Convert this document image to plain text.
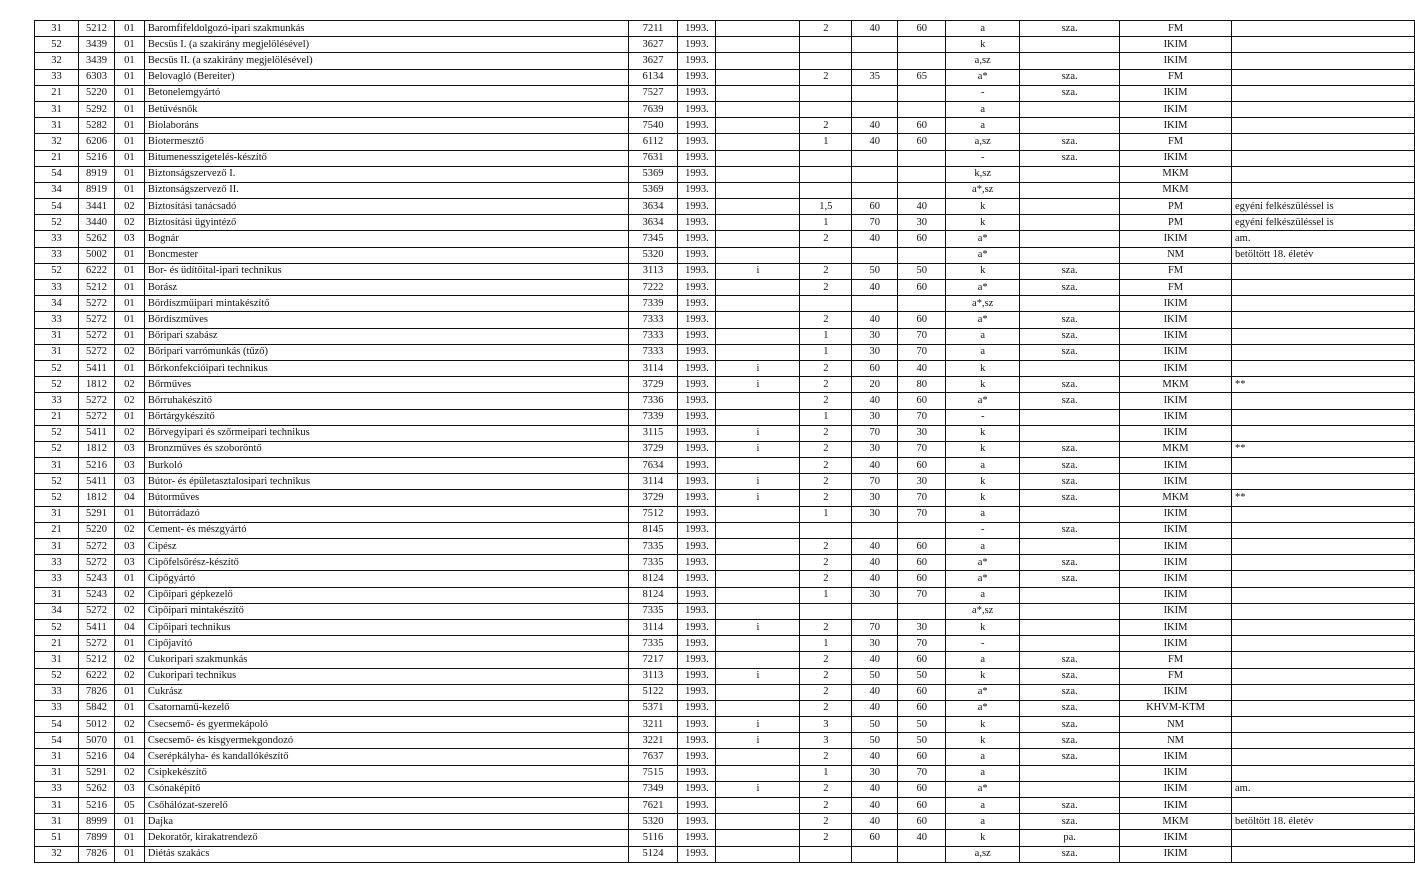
31	5212	01	Baromfifeldolgozó-ipari szakmunkás	7211	1993.		2	40	60	a	sza.	FM	
52	3439	01	Becsüs I. (a szakirány megjelölésével)	3627	1993.					k		IKIM	
32	3439	01	Becsüs II. (a szakirány megjelölésével)	3627	1993.					a,sz		IKIM	
33	6303	01	Belovagló (Bereiter)	6134	1993.		2	35	65	a*	sza.	FM	
21	5220	01	Betonelemgyártó	7527	1993.					-	sza.	IKIM	
31	5292	01	Betűvésnők	7639	1993.					a		IKIM	
31	5282	01	Biolaboráns	7540	1993.		2	40	60	a		IKIM	
32	6206	01	Biotermesztő	6112	1993.		1	40	60	a,sz	sza.	FM	
21	5216	01	Bitumenesszigetelés-készítő	7631	1993.					-	sza.	IKIM	
54	8919	01	Biztonságszervező I.	5369	1993.					k,sz		MKM	
34	8919	01	Biztonságszervező II.	5369	1993.					a*,sz		MKM	
54	3441	02	Biztosítási tanácsadó	3634	1993.		1,5	60	40	k		PM	egyéni felkészüléssel is
52	3440	02	Biztosítási ügyintéző	3634	1993.		1	70	30	k		PM	egyéni felkészüléssel is
33	5262	03	Bognár	7345	1993.		2	40	60	a*		IKIM	am.
33	5002	01	Boncmester	5320	1993.					a*		NM	betöltött 18. életév
52	6222	01	Bor- és üdítőital-ipari technikus	3113	1993.	i	2	50	50	k	sza.	FM	
33	5212	01	Borász	7222	1993.		2	40	60	a*	sza.	FM	
34	5272	01	Bőrdíszműipari mintakészítő	7339	1993.					a*,sz		IKIM	
33	5272	01	Bőrdíszműves	7333	1993.		2	40	60	a*	sza.	IKIM	
31	5272	01	Bőripari szabász	7333	1993.		1	30	70	a	sza.	IKIM	
31	5272	02	Bőripari varrómunkás (tűző)	7333	1993.		1	30	70	a	sza.	IKIM	
52	5411	01	Bőrkonfekcióipari technikus	3114	1993.	i	2	60	40	k		IKIM	
52	1812	02	Bőrműves	3729	1993.	i	2	20	80	k	sza.	MKM	**
33	5272	02	Bőrruhakészítő	7336	1993.		2	40	60	a*	sza.	IKIM	
21	5272	01	Bőrtárgykészítő	7339	1993.		1	30	70	-		IKIM	
52	5411	02	Bőrvegyipari és szőrmeipari technikus	3115	1993.	i	2	70	30	k		IKIM	
52	1812	03	Bronzműves és szoboröntő	3729	1993.	i	2	30	70	k	sza.	MKM	**
31	5216	03	Burkoló	7634	1993.		2	40	60	a	sza.	IKIM	
52	5411	03	Bútor- és épületasztalosipari technikus	3114	1993.	i	2	70	30	k	sza.	IKIM	
52	1812	04	Bútorműves	3729	1993.	i	2	30	70	k	sza.	MKM	**
31	5291	01	Bútorrádazó	7512	1993.		1	30	70	a		IKIM	
21	5220	02	Cement- és mészgyártó	8145	1993.					-	sza.	IKIM	
31	5272	03	Cipész	7335	1993.		2	40	60	a		IKIM	
33	5272	03	Cipőfelsőrész-készítő	7335	1993.		2	40	60	a*	sza.	IKIM	
33	5243	01	Cipőgyártó	8124	1993.		2	40	60	a*	sza.	IKIM	
31	5243	02	Cipőipari gépkezelő	8124	1993.		1	30	70	a		IKIM	
34	5272	02	Cipőipari mintakészítő	7335	1993.					a*,sz		IKIM	
52	5411	04	Cipőipari technikus	3114	1993.	i	2	70	30	k		IKIM	
21	5272	01	Cipőjavító	7335	1993.		1	30	70	-		IKIM	
31	5212	02	Cukoripari szakmunkás	7217	1993.		2	40	60	a	sza.	FM	
52	6222	02	Cukoripari technikus	3113	1993.	i	2	50	50	k	sza.	FM	
33	7826	01	Cukrász	5122	1993.		2	40	60	a*	sza.	IKIM	
33	5842	01	Csatornamű-kezelő	5371	1993.		2	40	60	a*	sza.	KHVM-KTM	
54	5012	02	Csecsemő- és gyermekápoló	3211	1993.	i	3	50	50	k	sza.	NM	
54	5070	01	Csecsemő- és kisgyermekgondozó	3221	1993.	i	3	50	50	k	sza.	NM	
31	5216	04	Cserépkályha- és kandallókészítő	7637	1993.		2	40	60	a	sza.	IKIM	
31	5291	02	Csipkekészítő	7515	1993.		1	30	70	a		IKIM	
33	5262	03	Csónaképítő	7349	1993.	i	2	40	60	a*		IKIM	am.
31	5216	05	Csőhálózat-szerelő	7621	1993.		2	40	60	a	sza.	IKIM	
31	8999	01	Dajka	5320	1993.		2	40	60	a	sza.	MKM	betöltött 18. életév
51	7899	01	Dekoratőr, kirakatrendező	5116	1993.		2	60	40	k	pa.	IKIM	
32	7826	01	Diétás szakács	5124	1993.					a,sz	sza.	IKIM	
